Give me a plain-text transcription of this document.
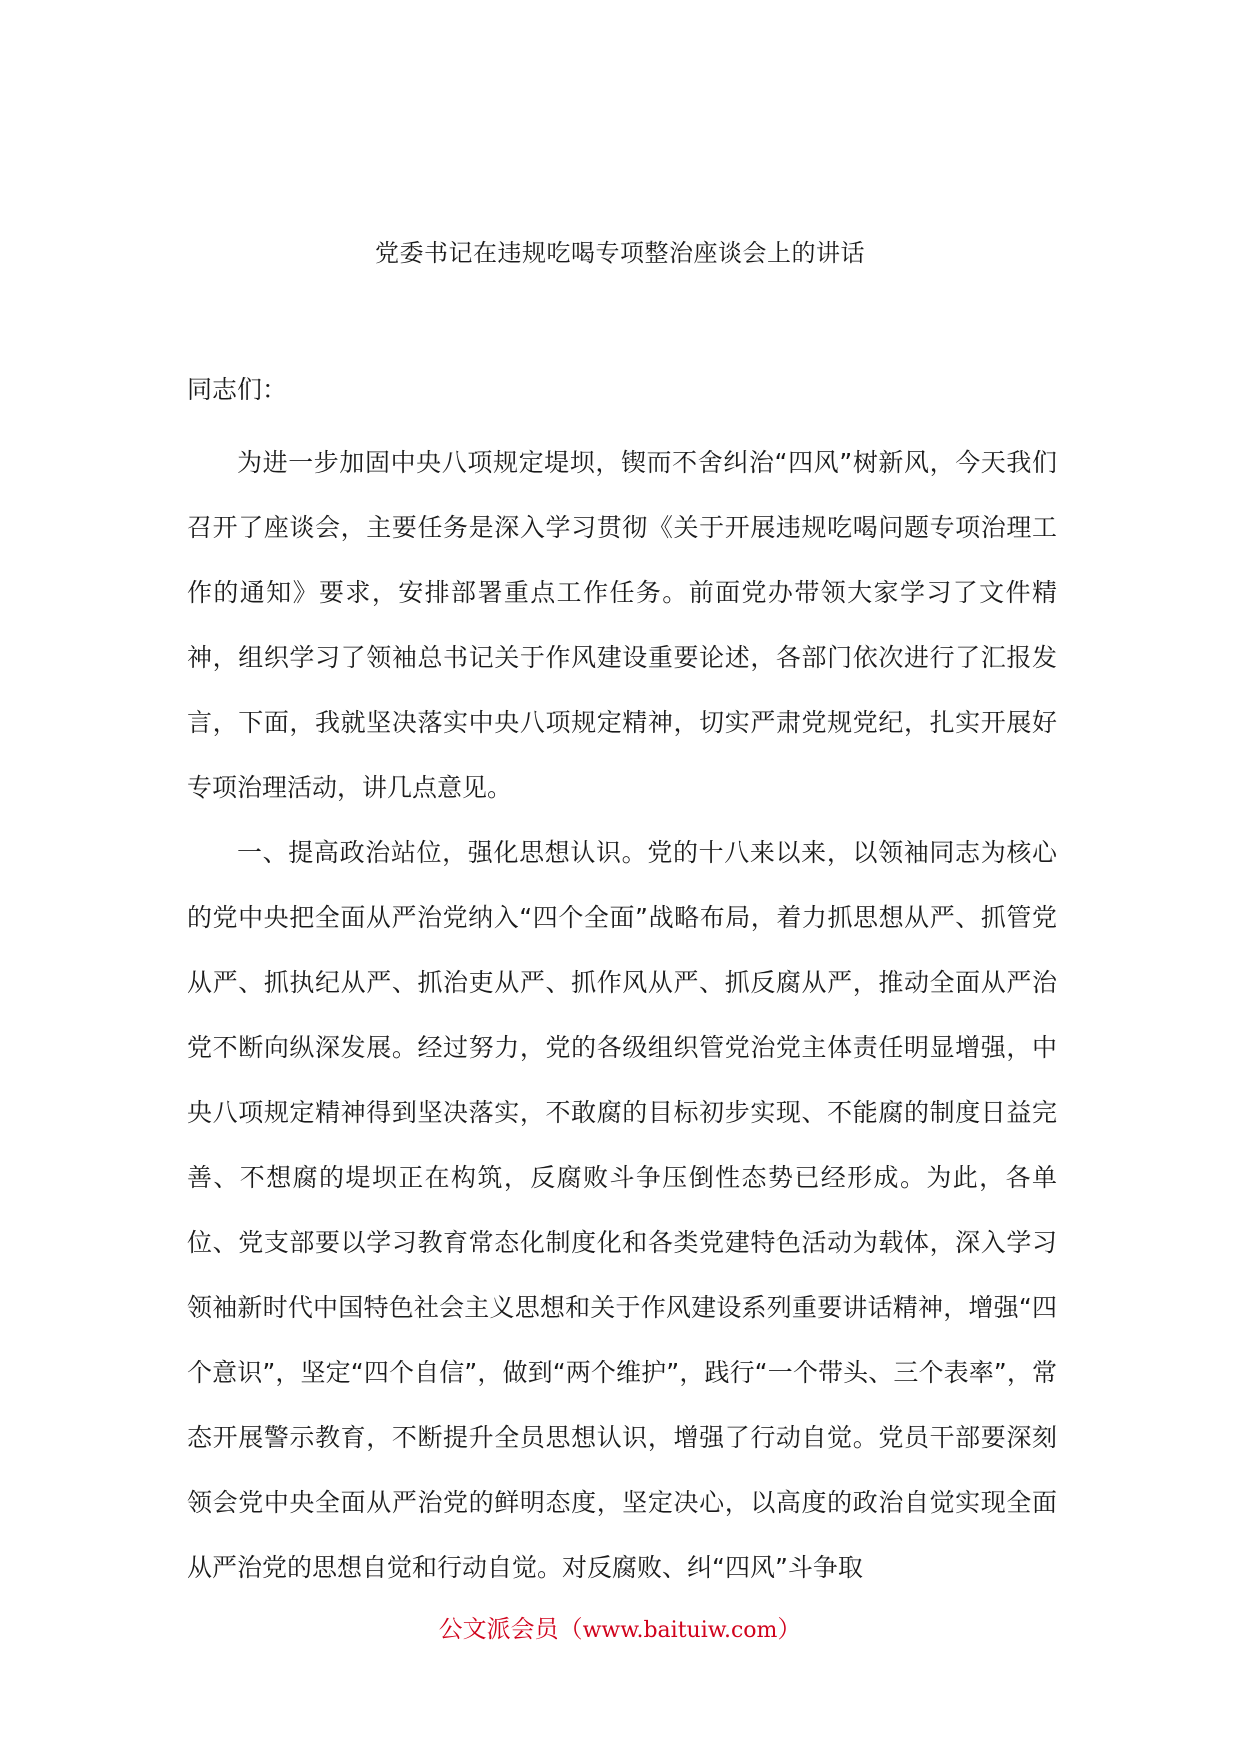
党委书记在违规吃喝专项整治座谈会上的讲话
同志们：

为进一步加固中央八项规定堤坝，锲而不舍纠治“四风”树新风，今天我们召开了座谈会，主要任务是深入学习贯彻《关于开展违规吃喝问题专项治理工作的通知》要求，安排部署重点工作任务。前面党办带领大家学习了文件精神，组织学习了领袖总书记关于作风建设重要论述，各部门依次进行了汇报发言，下面，我就坚决落实中央八项规定精神，切实严肃党规党纪，扎实开展好专项治理活动，讲几点意见。

一、提高政治站位，强化思想认识。党的十八来以来，以领袖同志为核心的党中央把全面从严治党纳入“四个全面”战略布局，着力抓思想从严、抓管党从严、抓执纪从严、抓治吏从严、抓作风从严、抓反腐从严，推动全面从严治党不断向纵深发展。经过努力，党的各级组织管党治党主体责任明显增强，中央八项规定精神得到坚决落实，不敢腐的目标初步实现、不能腐的制度日益完善、不想腐的堤坝正在构筑，反腐败斗争压倒性态势已经形成。为此，各单位、党支部要以学习教育常态化制度化和各类党建特色活动为载体，深入学习领袖新时代中国特色社会主义思想和关于作风建设系列重要讲话精神，增强“四个意识”，坚定“四个自信”，做到“两个维护”，践行“一个带头、三个表率”，常态开展警示教育，不断提升全员思想认识，增强了行动自觉。党员干部要深刻领会党中央全面从严治党的鲜明态度，坚定决心，以高度的政治自觉实现全面从严治党的思想自觉和行动自觉。对反腐败、纠“四风”斗争取

公文派会员（www.baituiw.com）
